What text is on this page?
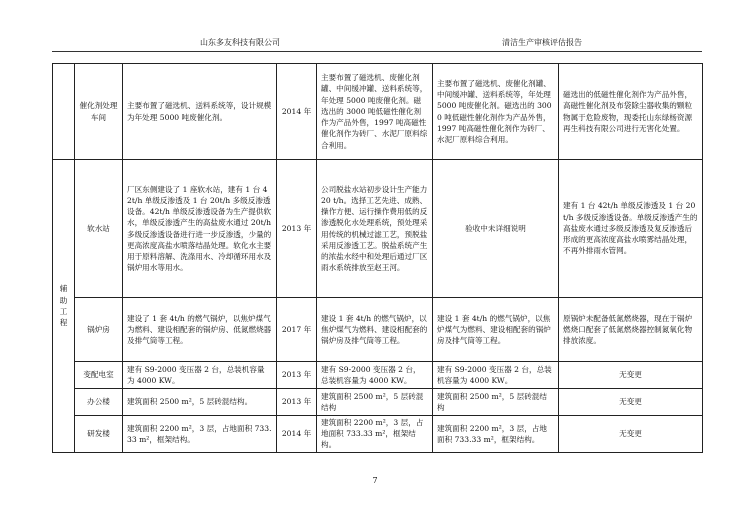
山东多友科技有限公司	清洁生产审核评估报告
	催化剂处理车间	主要布置了磁选机、送料系统等，设计规模为年处理 5000 吨废催化剂。	2014 年	主要布置了磁选机、废催化剂罐、中间缓冲罐、送料系统等，年处理 5000 吨废催化剂。磁选出的 3000 吨低磁性催化剂作为产品外售，1997 吨高磁性催化剂作为砖厂、水泥厂原料综合利用。	主要布置了磁选机、废催化剂罐、中间缓冲罐、送料系统等，年处理 5000 吨废催化剂。磁选出的 3000 吨低磁性催化剂作为产品外售，1997 吨高磁性催化剂作为砖厂、水泥厂原料综合利用。	磁选出的低磁性催化剂作为产品外售，高磁性催化剂及布袋除尘器收集的颗粒物属于危险废物，现委托山东绿杨资源再生科技有限公司进行无害化处置。
辅助工程	软水站	厂区东侧建设了 1 座软水站，建有 1 台 42t/h 单级反渗透及 1 台 20t/h 多级反渗透设备。42t/h 单级反渗透设备为生产提供软水，单级反渗透产生的高盐废水通过 20t/h 多级反渗透设备进行进一步反渗透，少量的更高浓度高盐水喷落结晶处理。软化水主要用于原料溶解、洗涤用水、冷却循环用水及锅炉用水等用水。	2013 年	公司脱盐水站初步设计生产能力 20 t/h。选择工艺先进、成熟、操作方便、运行操作费用低的反渗透脱化水处理系统，预处理采用传统的机械过滤工艺，预脱盐采用反渗透工艺。脱盐系统产生的浓盐水经中和处理后通过厂区雨水系统排放至赵王河。	验收中未详细说明	建有 1 台 42t/h 单级反渗透及 1 台 20t/h 多级反渗透设备。单级反渗透产生的高盐废水通过多级反渗透及复反渗透后形成的更高浓度高盐水喷雾结晶处理，不再外排雨水管网。
	锅炉房	建设了 1 套 4t/h 的燃气锅炉，以焦炉煤气为燃料、建设相配套的锅炉房、低氮燃烧器及排气筒等工程。	2017 年	建设 1 套 4t/h 的燃气锅炉，以焦炉煤气为燃料、建设相配套的锅炉房及排气筒等工程。	建设 1 套 4t/h 的燃气锅炉，以焦炉煤气为燃料、建设相配套的锅炉房及排气筒等工程。	原锅炉未配备低氮燃烧器，现在于锅炉燃烧口配套了低氮燃烧器控制氮氧化物排放浓度。
	变配电室	建有 S9-2000 变压器 2 台，总装机容量为 4000 KW。	2013 年	建有 S9-2000 变压器 2 台，总装机容量为 4000 KW。	建有 S9-2000 变压器 2 台，总装机容量为 4000 KW。	无变更
	办公楼	建筑面积 2500 m²，5 层砖混结构。	2013 年	建筑面积 2500 m²，5 层砖混结构	建筑面积 2500 m²，5 层砖混结构	无变更
	研发楼	建筑面积 2200 m²，3 层，占地面积 733.33 m²，框架结构。	2014 年	建筑面积 2200 m²，3 层，占地面积 733.33 m²，框架结构。	建筑面积 2200 m²，3 层，占地面积 733.33 m²，框架结构。	无变更
7
